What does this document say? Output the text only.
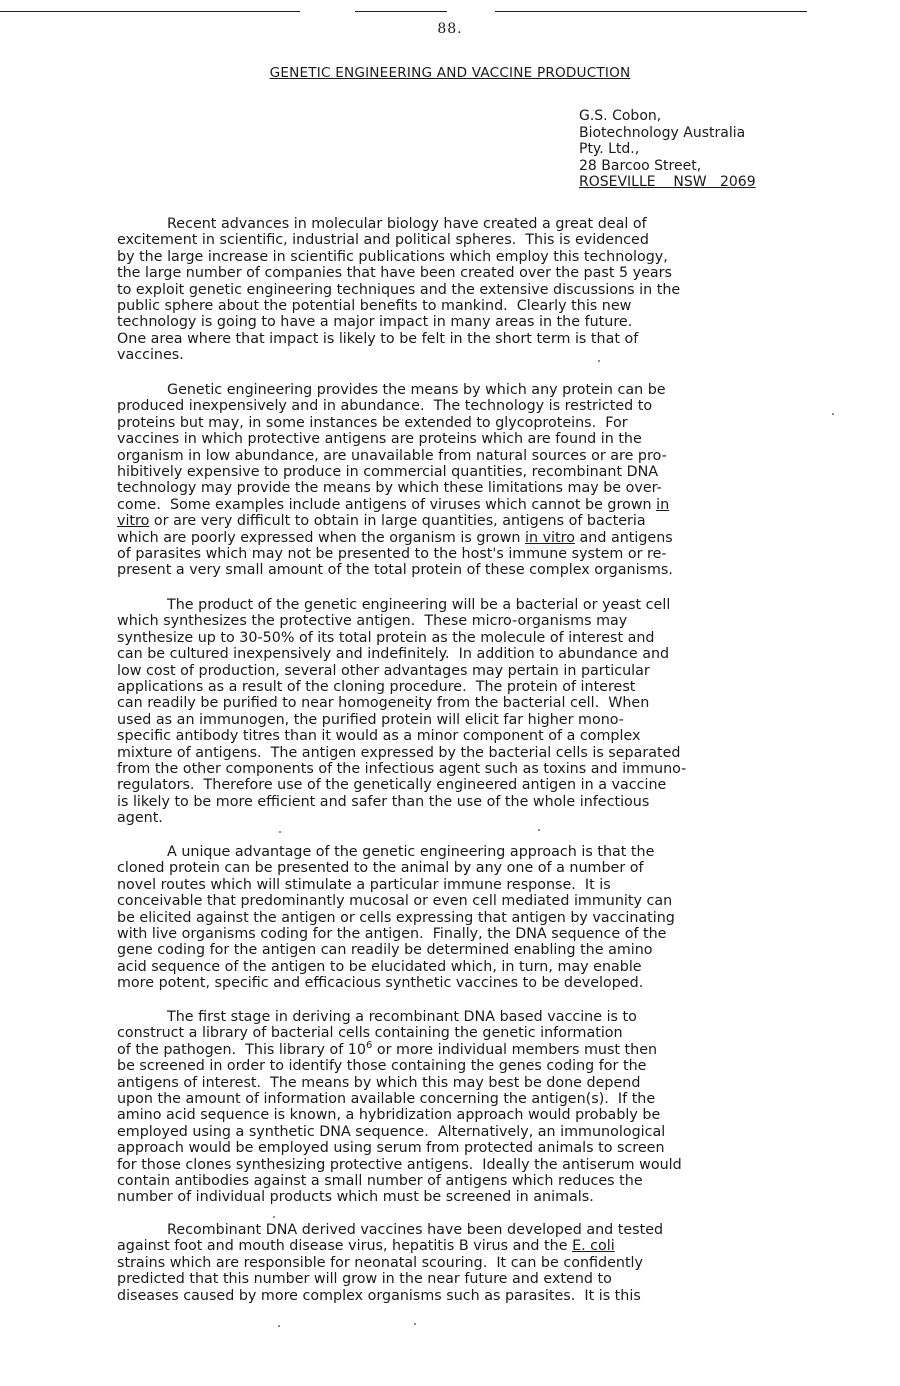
88.
GENETIC ENGINEERING AND VACCINE PRODUCTION
G.S. Cobon,
Biotechnology Australia
Pty. Ltd.,
28 Barcoo Street,
ROSEVILLE    NSW   2069
Recent advances in molecular biology have created a great deal of
excitement in scientific, industrial and political spheres.  This is evidenced
by the large increase in scientific publications which employ this technology,
the large number of companies that have been created over the past 5 years
to exploit genetic engineering techniques and the extensive discussions in the
public sphere about the potential benefits to mankind.  Clearly this new
technology is going to have a major impact in many areas in the future.
One area where that impact is likely to be felt in the short term is that of
vaccines.
Genetic engineering provides the means by which any protein can be
produced inexpensively and in abundance.  The technology is restricted to
proteins but may, in some instances be extended to glycoproteins.  For
vaccines in which protective antigens are proteins which are found in the
organism in low abundance, are unavailable from natural sources or are pro-
hibitively expensive to produce in commercial quantities, recombinant DNA
technology may provide the means by which these limitations may be over-
come.  Some examples include antigens of viruses which cannot be grown in
vitro or are very difficult to obtain in large quantities, antigens of bacteria
which are poorly expressed when the organism is grown in vitro and antigens
of parasites which may not be presented to the host's immune system or re-
present a very small amount of the total protein of these complex organisms.
The product of the genetic engineering will be a bacterial or yeast cell
which synthesizes the protective antigen.  These micro-organisms may
synthesize up to 30-50% of its total protein as the molecule of interest and
can be cultured inexpensively and indefinitely.  In addition to abundance and
low cost of production, several other advantages may pertain in particular
applications as a result of the cloning procedure.  The protein of interest
can readily be purified to near homogeneity from the bacterial cell.  When
used as an immunogen, the purified protein will elicit far higher mono-
specific antibody titres than it would as a minor component of a complex
mixture of antigens.  The antigen expressed by the bacterial cells is separated
from the other components of the infectious agent such as toxins and immuno-
regulators.  Therefore use of the genetically engineered antigen in a vaccine
is likely to be more efficient and safer than the use of the whole infectious
agent.
A unique advantage of the genetic engineering approach is that the
cloned protein can be presented to the animal by any one of a number of
novel routes which will stimulate a particular immune response.  It is
conceivable that predominantly mucosal or even cell mediated immunity can
be elicited against the antigen or cells expressing that antigen by vaccinating
with live organisms coding for the antigen.  Finally, the DNA sequence of the
gene coding for the antigen can readily be determined enabling the amino
acid sequence of the antigen to be elucidated which, in turn, may enable
more potent, specific and efficacious synthetic vaccines to be developed.
The first stage in deriving a recombinant DNA based vaccine is to
construct a library of bacterial cells containing the genetic information
of the pathogen.  This library of $10^6$ or more individual members must then
be screened in order to identify those containing the genes coding for the
antigens of interest.  The means by which this may best be done depend
upon the amount of information available concerning the antigen(s).  If the
amino acid sequence is known, a hybridization approach would probably be
employed using a synthetic DNA sequence.  Alternatively, an immunological
approach would be employed using serum from protected animals to screen
for those clones synthesizing protective antigens.  Ideally the antiserum would
contain antibodies against a small number of antigens which reduces the
number of individual products which must be screened in animals.
Recombinant DNA derived vaccines have been developed and tested
against foot and mouth disease virus, hepatitis B virus and the E. coli
strains which are responsible for neonatal scouring.  It can be confidently
predicted that this number will grow in the near future and extend to
diseases caused by more complex organisms such as parasites.  It is this
